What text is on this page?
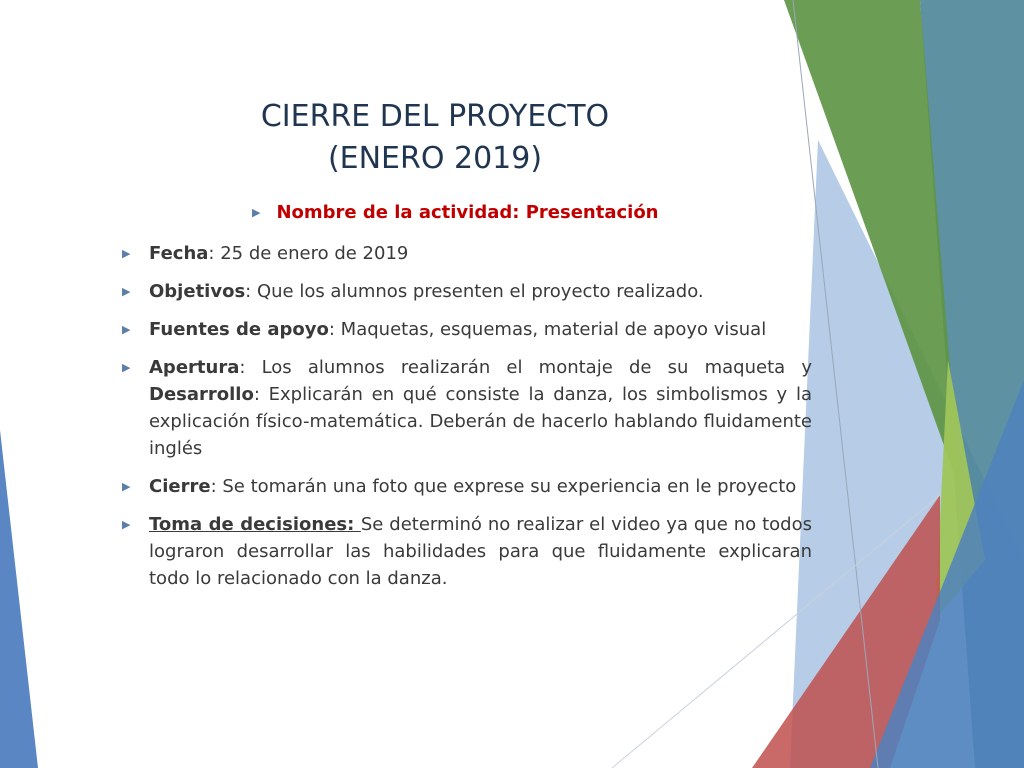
CIERRE DEL PROYECTO
(ENERO 2019)
▶ Nombre de la actividad: Presentación
▶ Fecha: 25 de enero de 2019
▶ Objetivos: Que los alumnos presenten el proyecto realizado.
▶ Fuentes de apoyo: Maquetas, esquemas, material de apoyo visual
▶ Apertura: Los alumnos realizarán el montaje de su maqueta y Desarrollo: Explicarán en qué consiste la danza, los simbolismos y la explicación físico-matemática. Deberán de hacerlo hablando fluidamente inglés
▶ Cierre: Se tomarán una foto que exprese su experiencia en le proyecto
▶ Toma de decisiones: Se determinó no realizar el video ya que no todos lograron desarrollar las habilidades para que fluidamente explicaran todo lo relacionado con la danza.
